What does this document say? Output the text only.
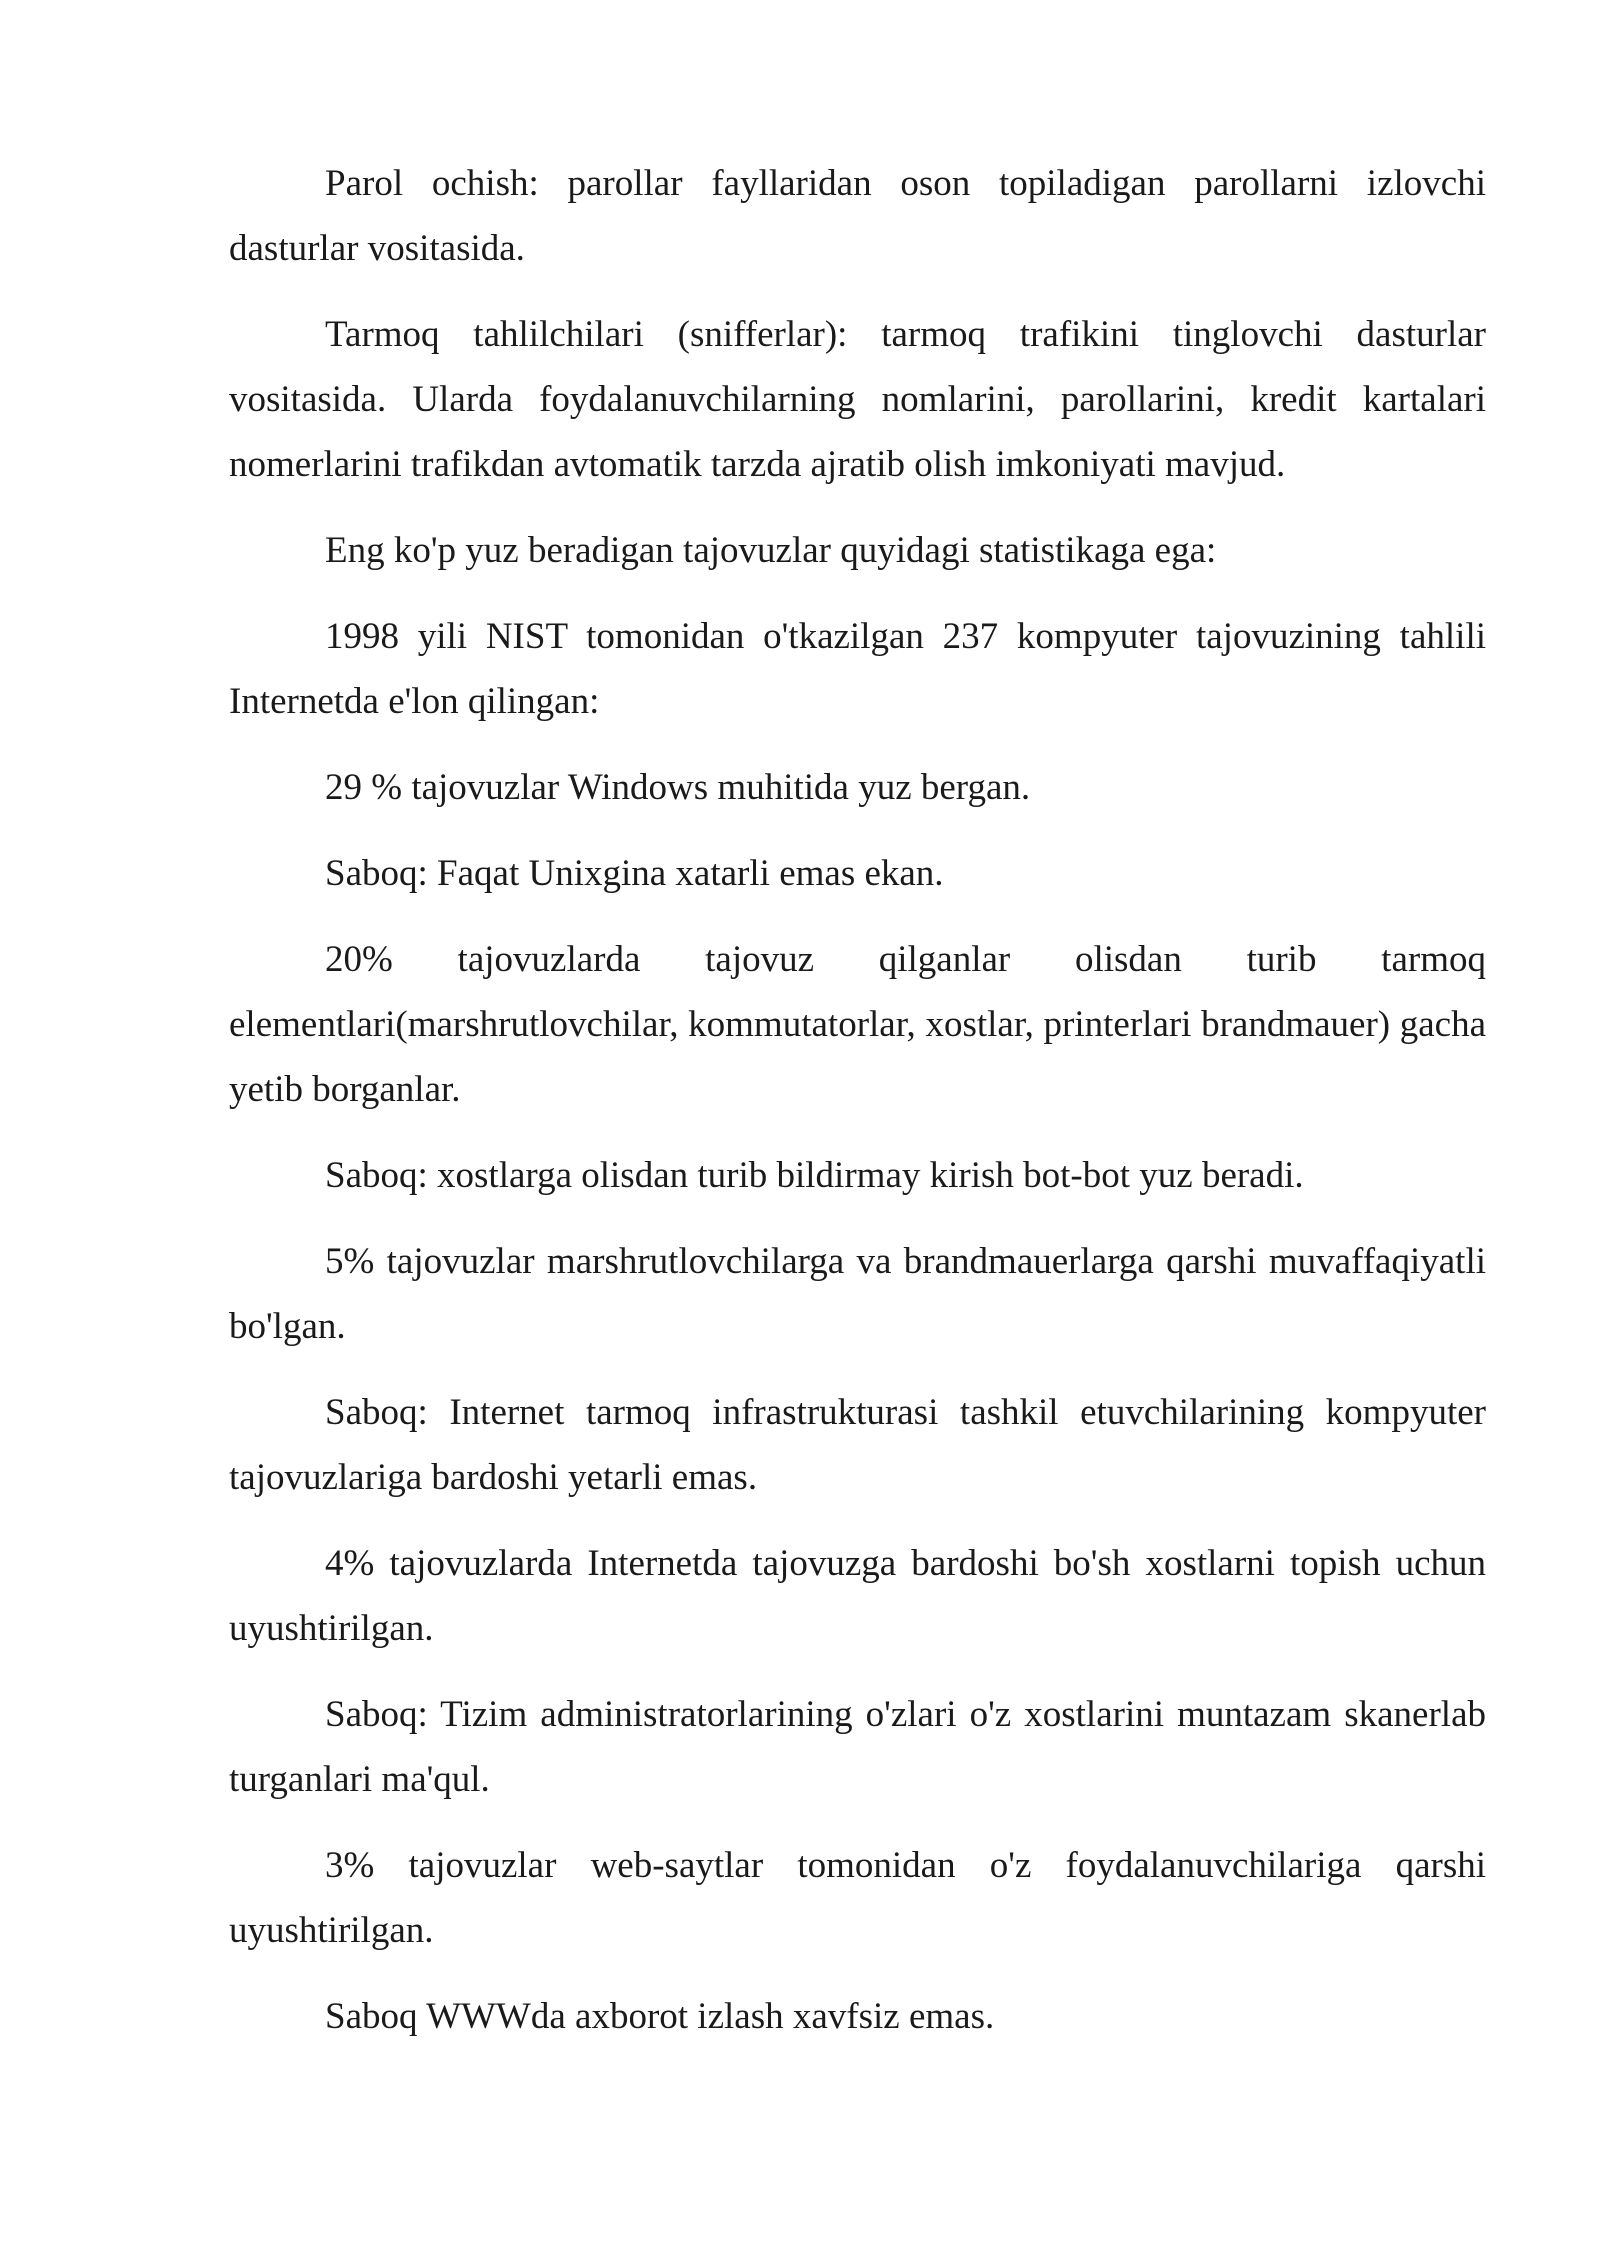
Parol ochish: parollar fayllaridan oson topiladigan parollarni izlovchi dasturlar vositasida.

Tarmoq tahlilchilari (snifferlar): tarmoq trafikini tinglovchi dasturlar vositasida. Ularda foydalanuvchilarning nomlarini, parollarini, kredit kartalari nomerlarini trafikdan avtomatik tarzda ajratib olish imkoniyati mavjud.

Eng ko'p yuz beradigan tajovuzlar quyidagi statistikaga ega:

1998 yili NIST tomonidan o'tkazilgan 237 kompyuter tajovuzining tahlili Internetda e'lon qilingan:

29 % tajovuzlar Windows muhitida yuz bergan.

Saboq: Faqat Unixgina xatarli emas ekan.

20% tajovuzlarda tajovuz qilganlar olisdan turib tarmoq elementlari(marshrutlovchilar, kommutatorlar, xostlar, printerlari brandmauer) gacha yetib borganlar.

Saboq: xostlarga olisdan turib bildirmay kirish bot-bot yuz beradi.

5% tajovuzlar marshrutlovchilarga va brandmauerlarga qarshi muvaffaqiyatli bo'lgan.

Saboq: Internet tarmoq infrastrukturasi tashkil etuvchilarining kompyuter tajovuzlariga bardoshi yetarli emas.

4% tajovuzlarda Internetda tajovuzga bardoshi bo'sh xostlarni topish uchun uyushtirilgan.

Saboq: Tizim administratorlarining o'zlari o'z xostlarini muntazam skanerlab turganlari ma'qul.

3% tajovuzlar web-saytlar tomonidan o'z foydalanuvchilariga qarshi uyushtirilgan.

Saboq WWWda axborot izlash xavfsiz emas.
